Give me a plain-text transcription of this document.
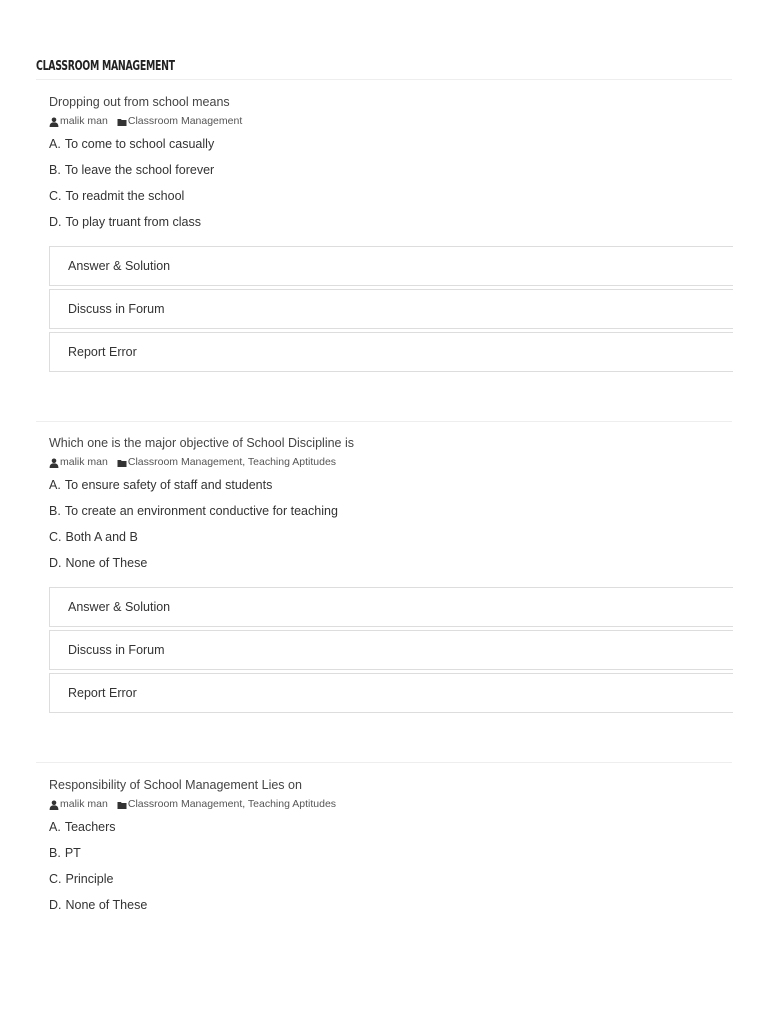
CLASSROOM MANAGEMENT
Dropping out from school means
malik man Classroom Management
A. To come to school casually
B. To leave the school forever
C. To readmit the school
D. To play truant from class
Answer & Solution
Discuss in Forum
Report Error
Which one is the major objective of School Discipline is
malik man Classroom Management, Teaching Aptitudes
A. To ensure safety of staff and students
B. To create an environment conductive for teaching
C. Both A and B
D. None of These
Answer & Solution
Discuss in Forum
Report Error
Responsibility of School Management Lies on
malik man Classroom Management, Teaching Aptitudes
A. Teachers
B. PT
C. Principle
D. None of These
